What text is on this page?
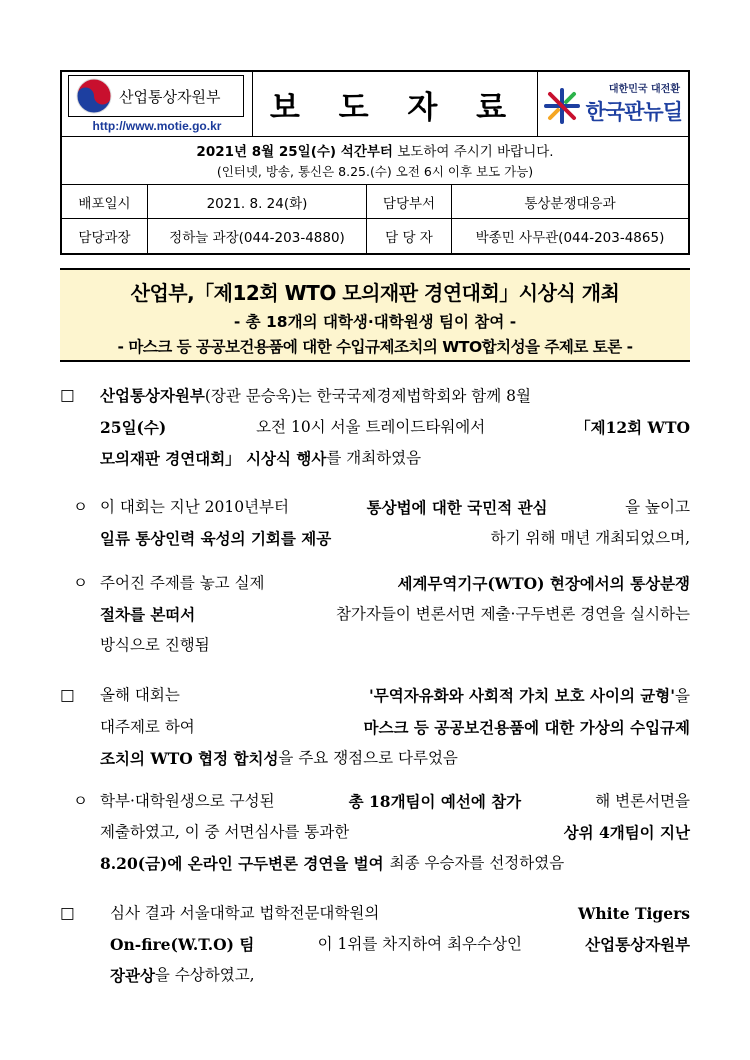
산업통상자원부
http://www.motie.go.kr
보 도 자 료	대한민국 대전환
한국판뉴딜
2021년 8월 25일(수) 석간부터 보도하여 주시기 바랍니다.
(인터넷, 방송, 통신은 8.25.(수) 오전 6시 이후 보도 가능)
배포일시	2021. 8. 24(화)	담당부서	통상분쟁대응과
담당과장	정하늘 과장(044-203-4880)	담 당 자	박종민 사무관(044-203-4865)
산업부,「제12회 WTO 모의재판 경연대회」시상식 개최
- 총 18개의 대학생·대학원생 팀이 참여 -
- 마스크 등 공공보건용품에 대한 수입규제조치의 WTO합치성을 주제로 토론 -
□ 산업통상자원부(장관 문승욱)는 한국국제경제법학회와 함께 8월
25일(수)	오전 10시 서울 트레이드타워에서	「제12회 WTO
모의재판 경연대회」 시상식 행사 를 개최하였음
ㅇ 이 대회는 지난 2010년부터	통상법에 대한 국민적 관심	을 높이고
일류 통상인력 육성의 기회를 제공	하기 위해 매년 개최되었으며,
ㅇ 주어진 주제를 놓고 실제	세계무역기구(WTO) 현장에서의 통상분쟁
절차를 본떠서	참가자들이 변론서면 제출·구두변론 경연을 실시하는
방식으로 진행됨
□ 올해 대회는	'무역자유화와 사회적 가치 보호 사이의 균형'을
대주제로 하여	마스크 등 공공보건용품에 대한 가상의 수입규제
조치의 WTO 협정 합치성 을 주요 쟁점으로 다루었음
ㅇ 학부·대학원생으로 구성된	총 18개팀이 예선에 참가	해 변론서면을
제출하였고, 이 중 서면심사를 통과한	상위 4개팀이 지난
8.20(금)에 온라인 구두변론 경연을 벌여 최종 우승자를 선정하였음
□ 심사 결과 서울대학교 법학전문대학원의	White Tigers
On-fire(W.T.O) 팀	이 1위를 차지하여 최우수상인	산업통상자원부
장관상 을 수상하였고,
